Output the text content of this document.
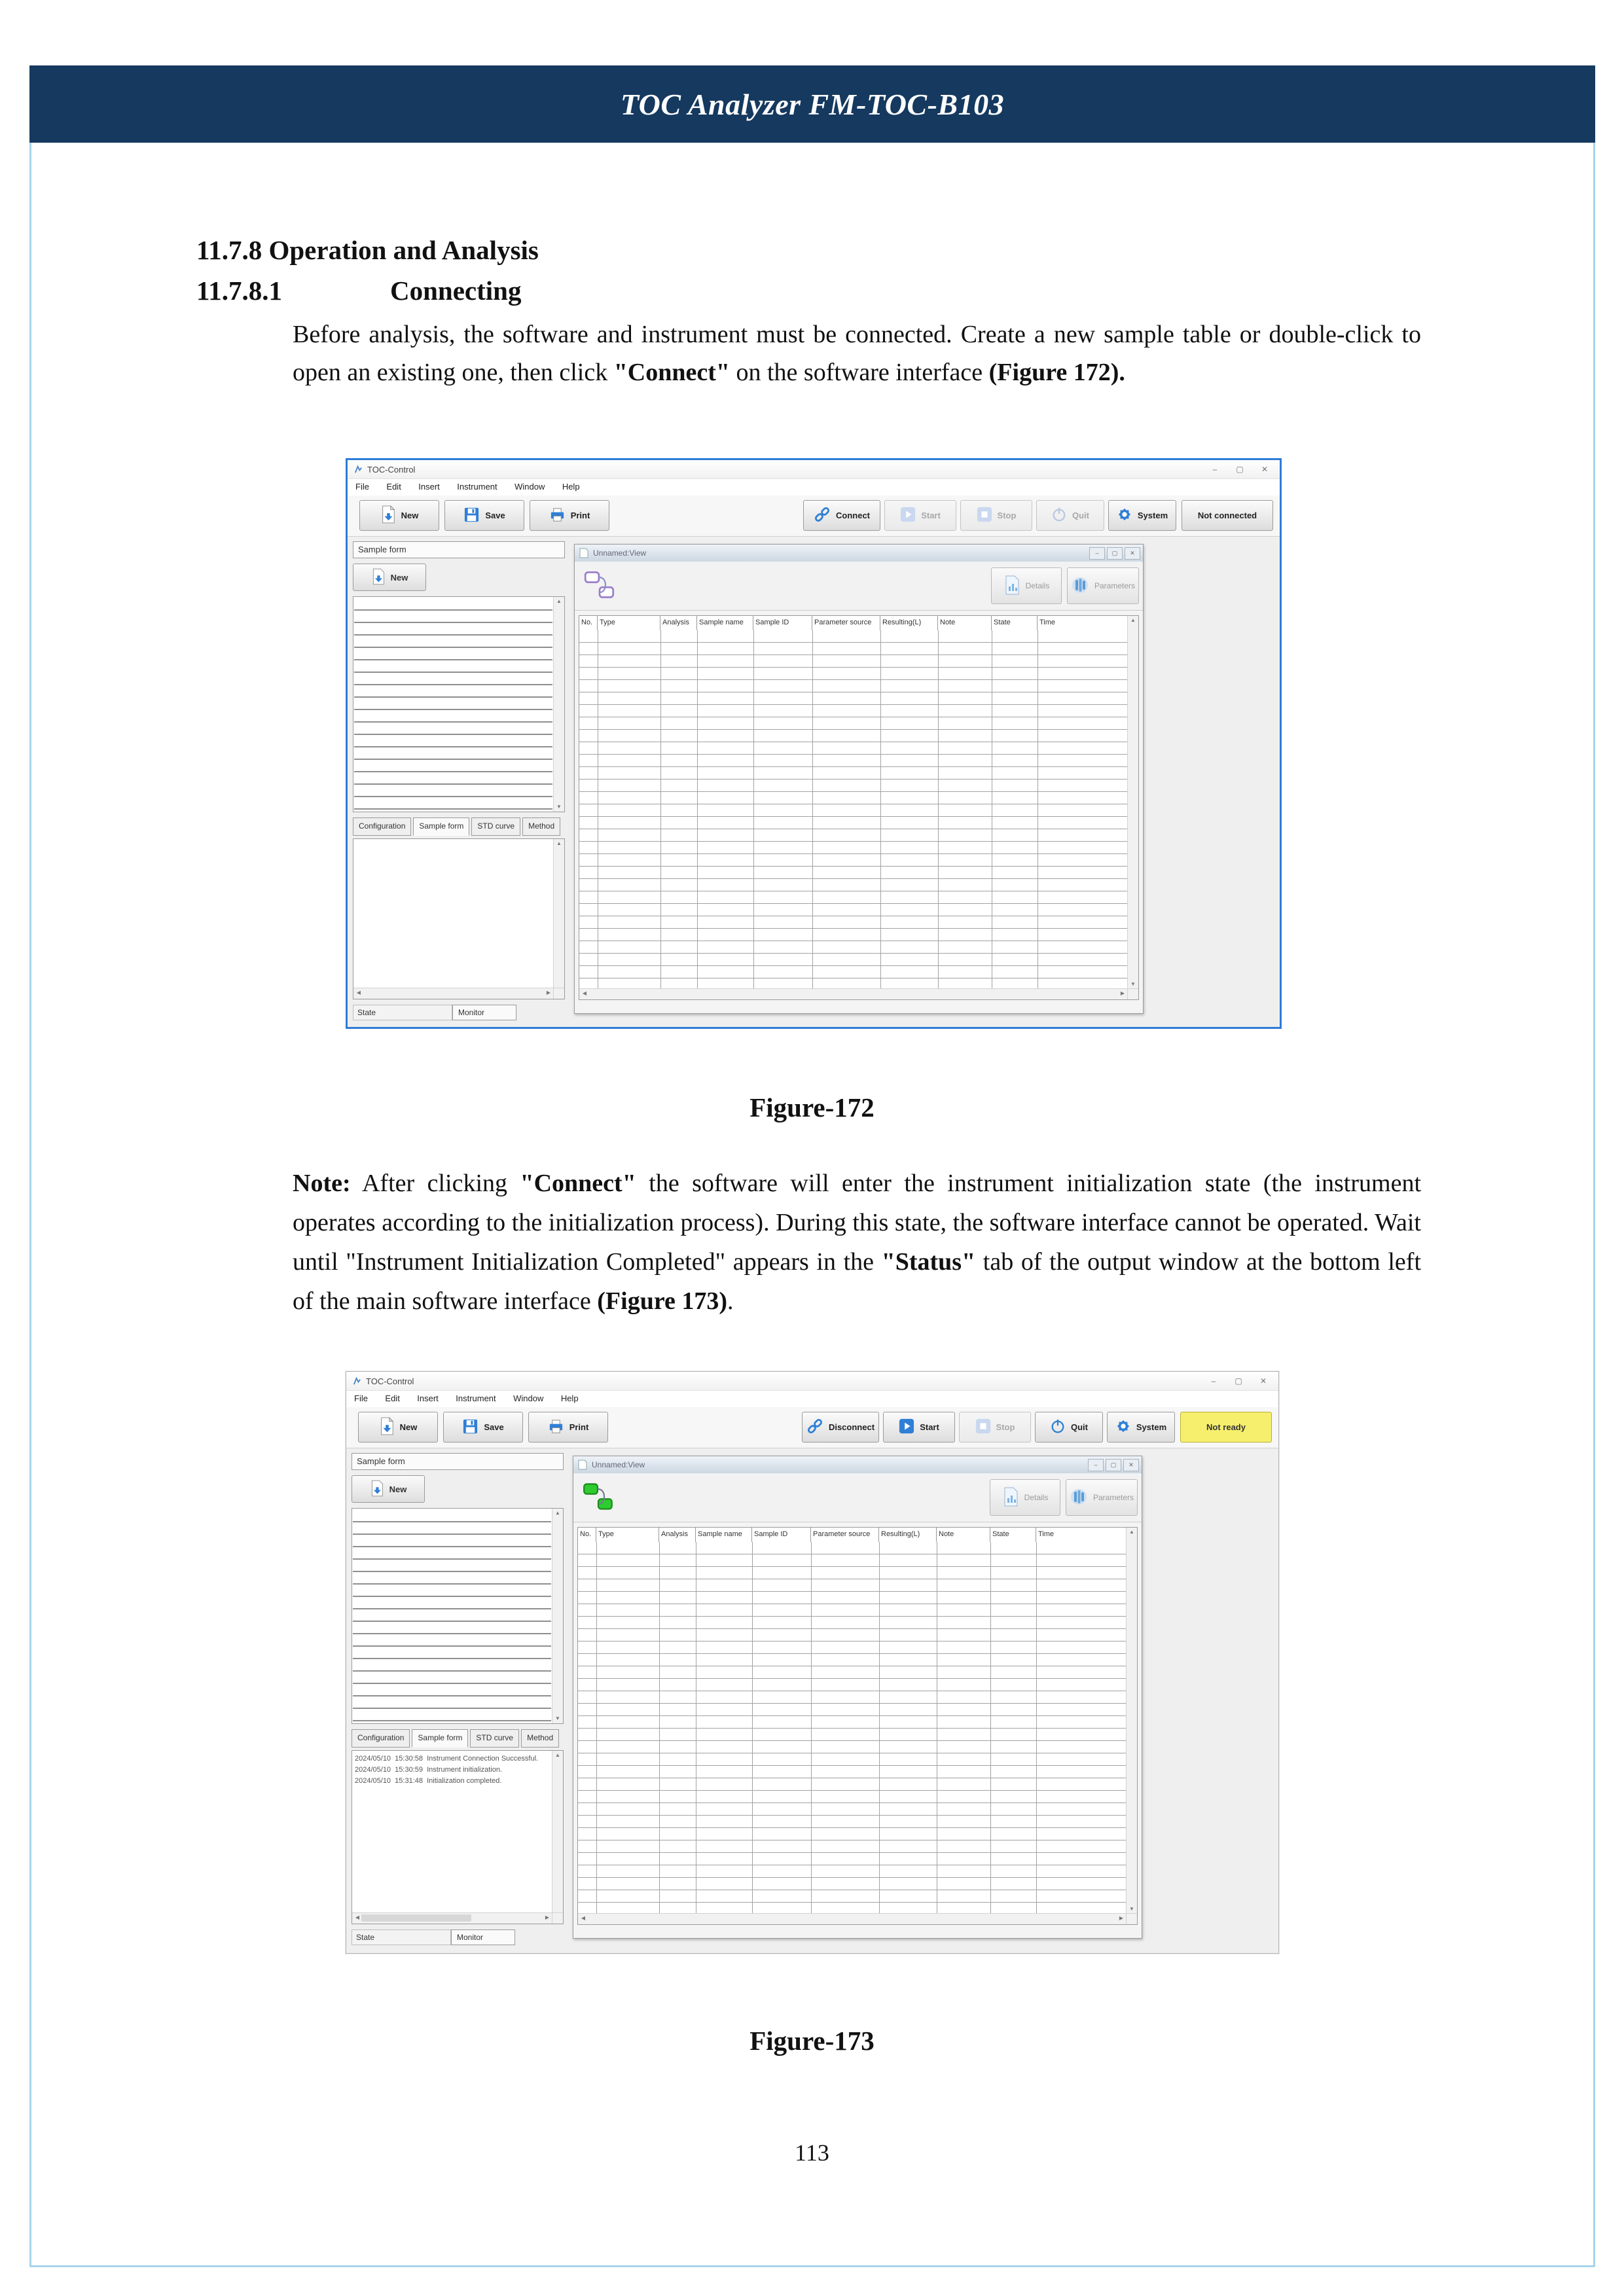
TOC Analyzer FM-TOC-B103
11.7.8 Operation and Analysis
11.7.8.1	Connecting
Before analysis, the software and instrument must be connected. Create a new sample table or double-click to open an existing one, then click "Connect" on the software interface (Figure 172).
TOC-Control	–	▢	✕
File Edit Insert Instrument Window Help
New	Save	Print	Connect	Start	Stop	Quit	System	Not connected
Sample form
New
▲
▼
Configuration	Sample form	STD curve	Method
▲
◀	▶
State	Monitor
Unnamed:View	–	▢	✕
Details	Parameters
No. Type	Analysis	Sample name	Sample ID	Parameter source	Resulting(L)	Note	State	Time	▲
▼
◀	▶
Figure-172
Note: After clicking "Connect" the software will enter the instrument initialization state (the instrument operates according to the initialization process). During this state, the software interface cannot be operated. Wait until "Instrument Initialization Completed" appears in the "Status" tab of the output window at the bottom left of the main software interface (Figure 173).
TOC-Control	–	▢	✕
File Edit Insert Instrument Window Help
New	Save	Print	Disconnect	Start	Stop	Quit	System	Not ready
Sample form
New
▲
▼
Configuration	Sample form	STD curve	Method
2024/05/10  15:30:58  Instrument Connection Successful.
2024/05/10  15:30:59  Instrument initialization.
2024/05/10  15:31:48  Initialization completed.
▲
◀	▶
State	Monitor
Unnamed:View	–	▢	✕
Details	Parameters
No. Type	Analysis	Sample name	Sample ID	Parameter source	Resulting(L)	Note	State	Time	▲
▼
◀	▶
Figure-173
113
